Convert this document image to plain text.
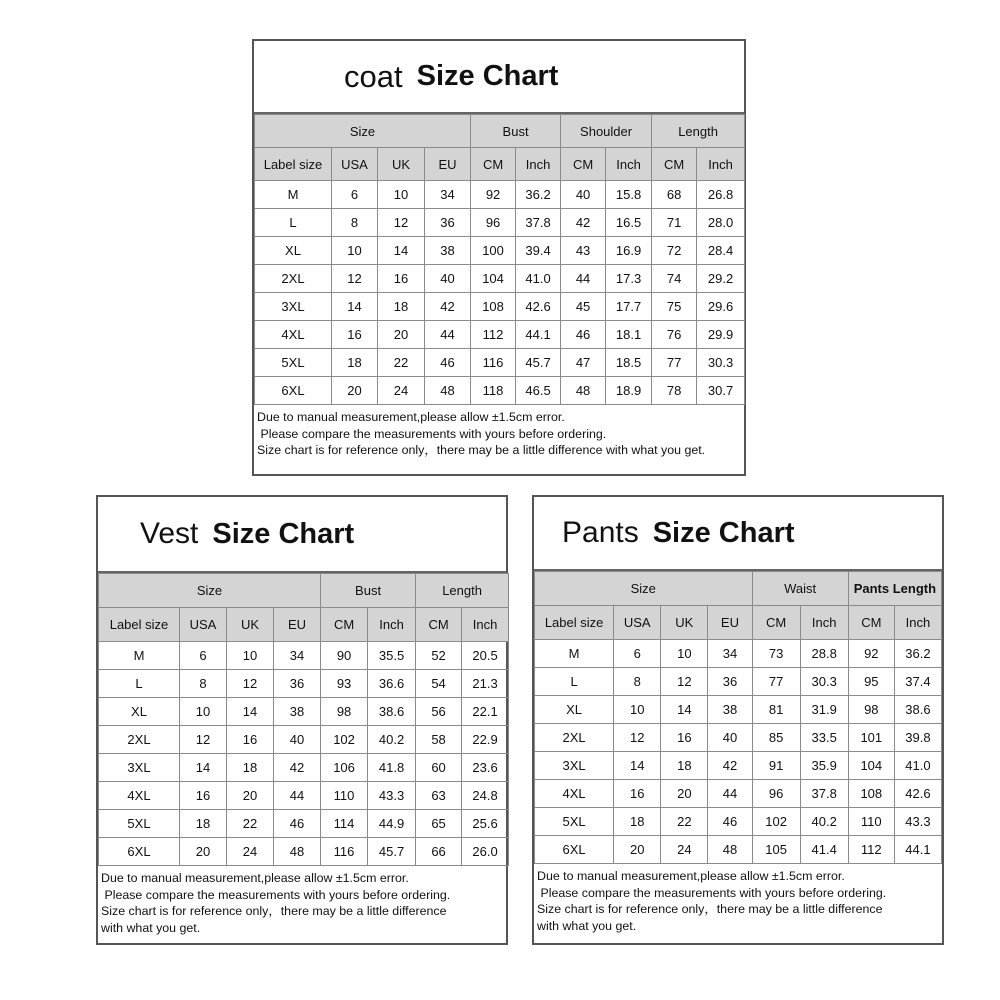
coat Size Chart
Size				Bust		Shoulder		Length	
Label size	USA	UK	EU	CM	Inch	CM	Inch	CM	Inch
M	6	10	34	92	36.2	40	15.8	68	26.8
L	8	12	36	96	37.8	42	16.5	71	28.0
XL	10	14	38	100	39.4	43	16.9	72	28.4
2XL	12	16	40	104	41.0	44	17.3	74	29.2
3XL	14	18	42	108	42.6	45	17.7	75	29.6
4XL	16	20	44	112	44.1	46	18.1	76	29.9
5XL	18	22	46	116	45.7	47	18.5	77	30.3
6XL	20	24	48	118	46.5	48	18.9	78	30.7
Due to manual measurement,please allow ±1.5cm error.
Please compare the measurements with yours before ordering.
Size chart is for reference only，there may be a little difference with what you get.
Vest Size Chart
Size				Bust		Length	
Label size	USA	UK	EU	CM	Inch	CM	Inch
M	6	10	34	90	35.5	52	20.5
L	8	12	36	93	36.6	54	21.3
XL	10	14	38	98	38.6	56	22.1
2XL	12	16	40	102	40.2	58	22.9
3XL	14	18	42	106	41.8	60	23.6
4XL	16	20	44	110	43.3	63	24.8
5XL	18	22	46	114	44.9	65	25.6
6XL	20	24	48	116	45.7	66	26.0
Due to manual measurement,please allow ±1.5cm error.
Please compare the measurements with yours before ordering.
Size chart is for reference only，there may be a little difference
with what you get.
Pants Size Chart
Size				Waist		Pants Length	
Label size	USA	UK	EU	CM	Inch	CM	Inch
M	6	10	34	73	28.8	92	36.2
L	8	12	36	77	30.3	95	37.4
XL	10	14	38	81	31.9	98	38.6
2XL	12	16	40	85	33.5	101	39.8
3XL	14	18	42	91	35.9	104	41.0
4XL	16	20	44	96	37.8	108	42.6
5XL	18	22	46	102	40.2	110	43.3
6XL	20	24	48	105	41.4	112	44.1
Due to manual measurement,please allow ±1.5cm error.
Please compare the measurements with yours before ordering.
Size chart is for reference only，there may be a little difference
with what you get.
